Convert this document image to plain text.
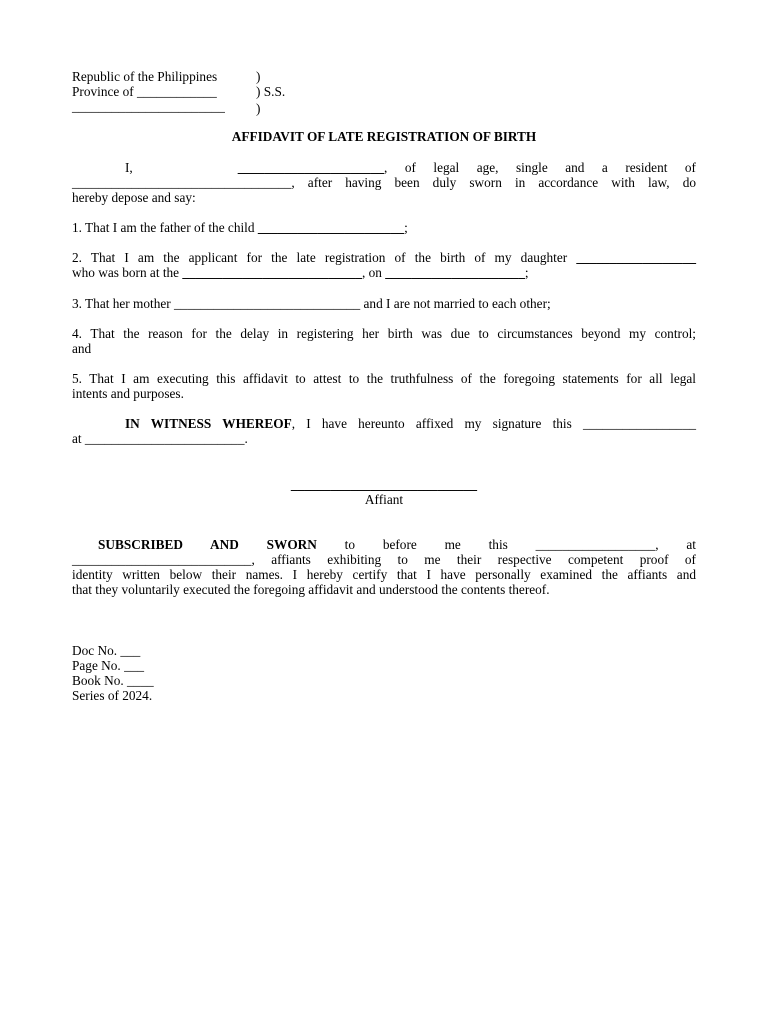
Republic of the Philippines
Province of ____________
_______________________
)
) S.S.
)
AFFIDAVIT OF LATE REGISTRATION OF BIRTH
I,	______________________, of legal age, single and a resident of
_________________________________, after having been duly sworn in accordance with law, do
hereby depose and say:
1. That I am the father of the child ______________________;
2. That I am the applicant for the late registration of the birth of my daughter __________________
who was born at the ___________________________, on _____________________;
3. That her mother ____________________________ and I are not married to each other;
4. That the reason for the delay in registering her birth was due to circumstances beyond my control;
and
5. That I am executing this affidavit to attest to the truthfulness of the foregoing statements for all legal
intents and purposes.
IN WITNESS WHEREOF, I have hereunto affixed my signature this _________________
at ________________________.
____________________________
Affiant
SUBSCRIBED AND SWORN to before me this __________________, at
___________________________, affiants exhibiting to me their respective competent proof of
identity written below their names. I hereby certify that I have personally examined the affiants and
that they voluntarily executed the foregoing affidavit and understood the contents thereof.
Doc No. ___
Page No. ___
Book No. ____
Series of 2024.
